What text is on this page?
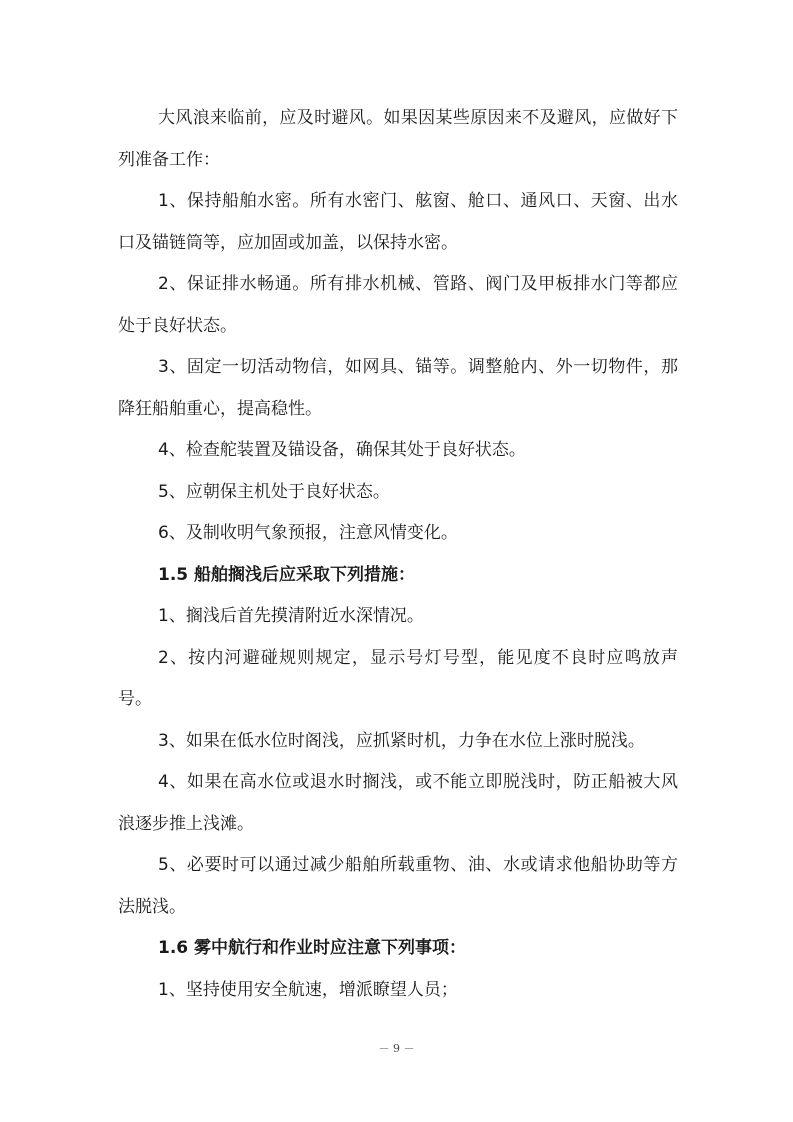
大风浪来临前，应及时避风。如果因某些原因来不及避风，应做好下列准备工作：

1、保持船舶水密。所有水密门、舷窗、舱口、通风口、天窗、出水口及锚链筒等，应加固或加盖，以保持水密。

2、保证排水畅通。所有排水机械、管路、阀门及甲板排水门等都应处于良好状态。

3、固定一切活动物信，如网具、锚等。调整舱内、外一切物件，那降狂船舶重心，提高稳性。

4、检查舵装置及锚设备，确保其处于良好状态。

5、应朝保主机处于良好状态。

6、及制收明气象预报，注意风情变化。

1.5 船舶搁浅后应采取下列措施：

1、搁浅后首先摸清附近水深情况。

2、按内河避碰规则规定，显示号灯号型，能见度不良时应鸣放声号。

3、如果在低水位时阁浅，应抓紧时机，力争在水位上涨时脱浅。

4、如果在高水位或退水时搁浅，或不能立即脱浅时，防正船被大风浪逐步推上浅滩。

5、必要时可以通过减少船舶所载重物、油、水或请求他船协助等方法脱浅。

1.6 雾中航行和作业时应注意下列事项：

1、坚持使用安全航速，增派瞭望人员；

－ 9 －
